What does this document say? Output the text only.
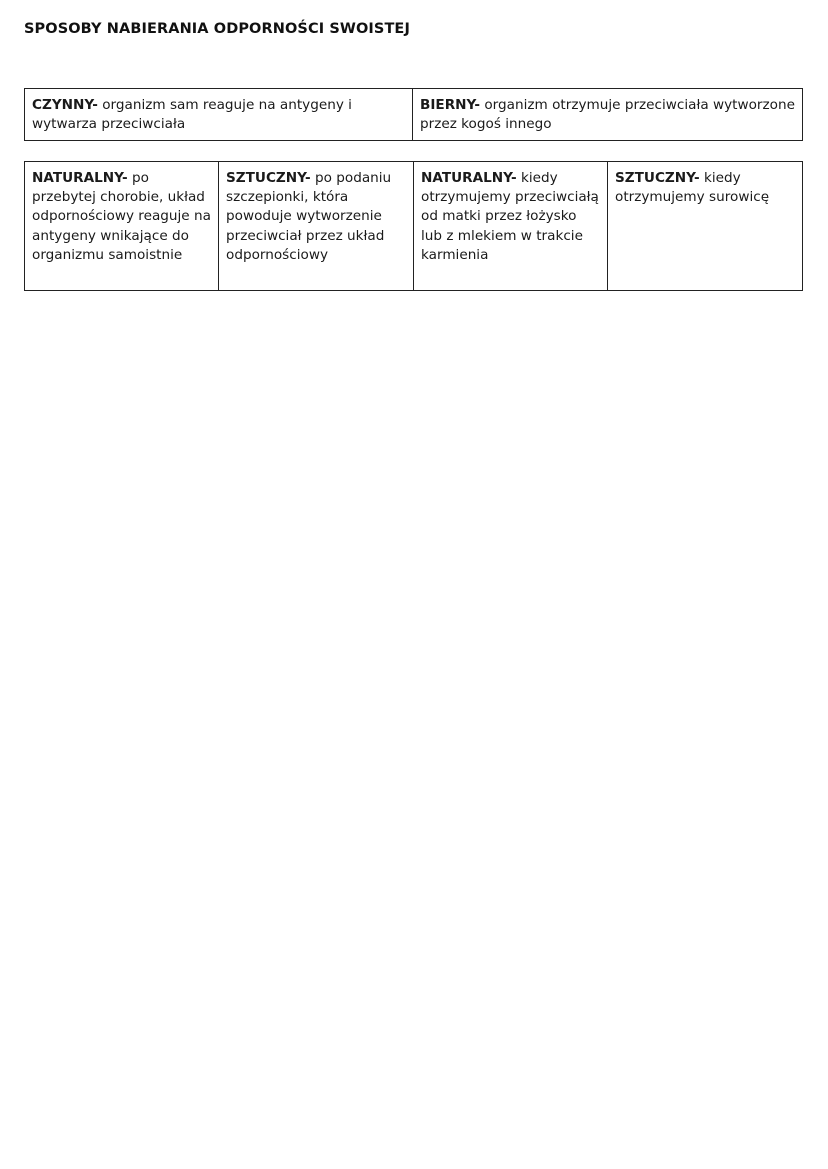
SPOSOBY NABIERANIA ODPORNOŚCI SWOISTEJ
CZYNNY- organizm sam reaguje na antygeny i wytwarza przeciwciała	BIERNY- organizm otrzymuje przeciwciała wytworzone przez kogoś innego
NATURALNY- po przebytej chorobie, układ odpornościowy reaguje na antygeny wnikające do organizmu samoistnie	SZTUCZNY- po podaniu szczepionki, która powoduje wytworzenie przeciwciał przez układ odpornościowy	NATURALNY- kiedy otrzymujemy przeciwciałą od matki przez łożysko lub z mlekiem w trakcie karmienia	SZTUCZNY- kiedy otrzymujemy surowicę
